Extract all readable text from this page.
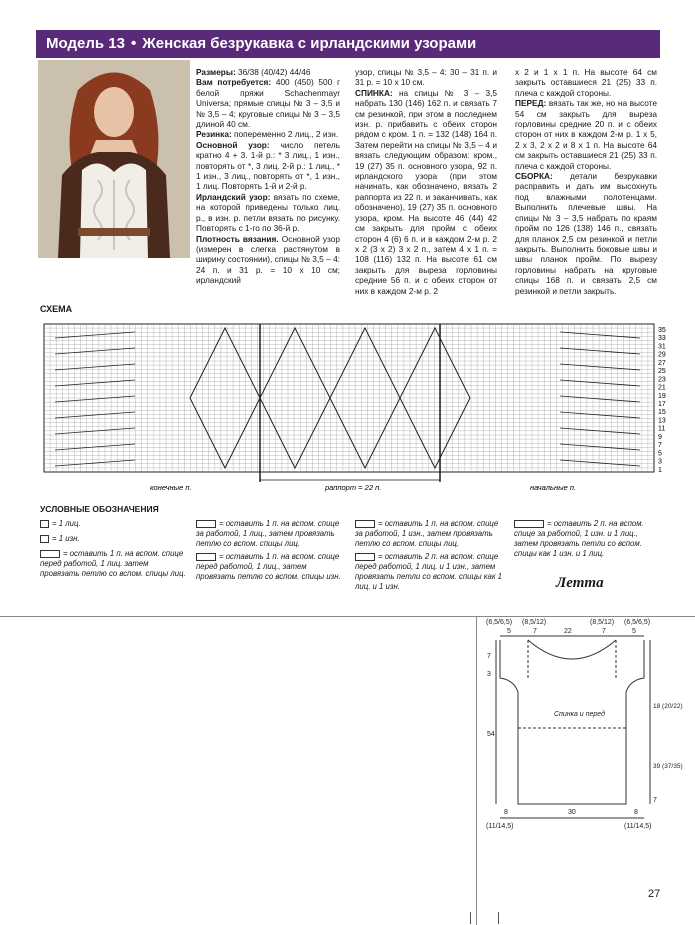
Модель 13 • Женская безрукавка с ирландскими узорами
Размеры: 36/38 (40/42) 44/46
Вам потребуется: 400 (450) 500 г белой пряжи Schachenmayr Universa; прямые спицы № 3 – 3,5 и № 3,5 – 4; круговые спицы № 3 – 3,5 длиной 40 см.
Резинка: попеременно 2 лиц., 2 изн.
Основной узор: число петель кратно 4 + 3. 1-й р.: * 3 лиц., 1 изн., повторять от *, 3 лиц. 2-й р.: 1 лиц., * 1 изн., 3 лиц., повторять от *, 1 изн., 1 лиц. Повторять 1-й и 2-й р.
Ирландский узор: вязать по схеме, на которой приведены только лиц. р., в изн. р. петли вязать по рисунку. Повторять с 1-го по 36-й р.
Плотность вязания. Основной узор (измерен в слегка растянутом в ширину состоянии), спицы № 3,5 – 4: 24 п. и 31 р. = 10 х 10 см; ирландский
узор, спицы № 3,5 – 4: 30 – 31 п. и 31 р. = 10 х 10 см.
СПИНКА: на спицы № 3 – 3,5 набрать 130 (146) 162 п. и связать 7 см резинкой, при этом в последнем изн. р. прибавить с обеих сторон рядом с кром. 1 п. = 132 (148) 164 п. Затем перейти на спицы № 3,5 – 4 и вязать следующим образом: кром., 19 (27) 35 п. основного узора, 92 п. ирландского узора (при этом начинать, как обозначено, вязать 2 раппорта из 22 п. и заканчивать, как обозначено), 19 (27) 35 п. основного узора, кром. На высоте 46 (44) 42 см закрыть для пройм с обеих сторон 4 (6) 6 п. и в каждом 2-м р. 2 х 2 (3 х 2) 3 х 2 п., затем 4 х 1 п. = 108 (116) 132 п. На высоте 61 см закрыть для выреза горловины средние 56 п. и с обеих сторон от них в каждом 2-м р. 2
х 2 и 1 х 1 п. На высоте 64 см закрыть оставшиеся 21 (25) 33 п. плеча с каждой стороны.
ПЕРЕД: вязать так же, но на высоте 54 см закрыть для выреза горловины средние 20 п. и с обеих сторон от них в каждом 2-м р. 1 х 5, 2 х 3, 2 х 2 и 8 х 1 п. На высоте 64 см закрыть оставшиеся 21 (25) 33 п. плеча с каждой стороны.
СБОРКА: детали безрукавки расправить и дать им высохнуть под влажными полотенцами. Выполнить плечевые швы. На спицы № 3 – 3,5 набрать по краям пройм по 126 (138) 146 п., связать для планок 2,5 см резинкой и петли закрыть. Выполнить боковые швы и швы планок пройм. По вырезу горловины набрать на круговые спицы 168 п. и связать 2,5 см резинкой и петли закрыть.
СХЕМА
35
33
31
29
27
25
23
21
19
17
15
13
11
9
7
5
3
1
конечные п.	раппорт = 22 п.	начальные п.
УСЛОВНЫЕ ОБОЗНАЧЕНИЯ
= 1 лиц.
= 1 изн.
= оставить 1 п. на вспом. спице перед работой, 1 лиц. затем провязать петлю со вспом. спицы лиц.
= оставить 1 п. на вспом. спице за работой, 1 лиц., затем провязать петлю со вспом. спицы лиц.
= оставить 1 п. на вспом. спице перед работой, 1 лиц., затем провязать петлю со вспом. спицы изн.
= оставить 1 п. на вспом. спице за работой, 1 изн., затем провязать петлю со вспом. спицы лиц.
= оставить 2 п. на вспом. спице перед работой, 1 лиц. и 1 изн., затем провязать петли со вспом. спицы как 1 лиц. и 1 изн.
= оставить 2 п. на вспом. спице за работой, 1 изн. и 1 лиц., затем провязать петли со вспом. спицы как 1 изн. и 1 лиц.
Летта
(6,5/6,5) (8,5/12)	(8,5/12) (6,5/6,5)
5	7	22	7	5
7
3
54
18 (20/22)
39 (37/35)
7
Спинка и перед
8	30	8
(11/14,5)	(11/14,5)
27
